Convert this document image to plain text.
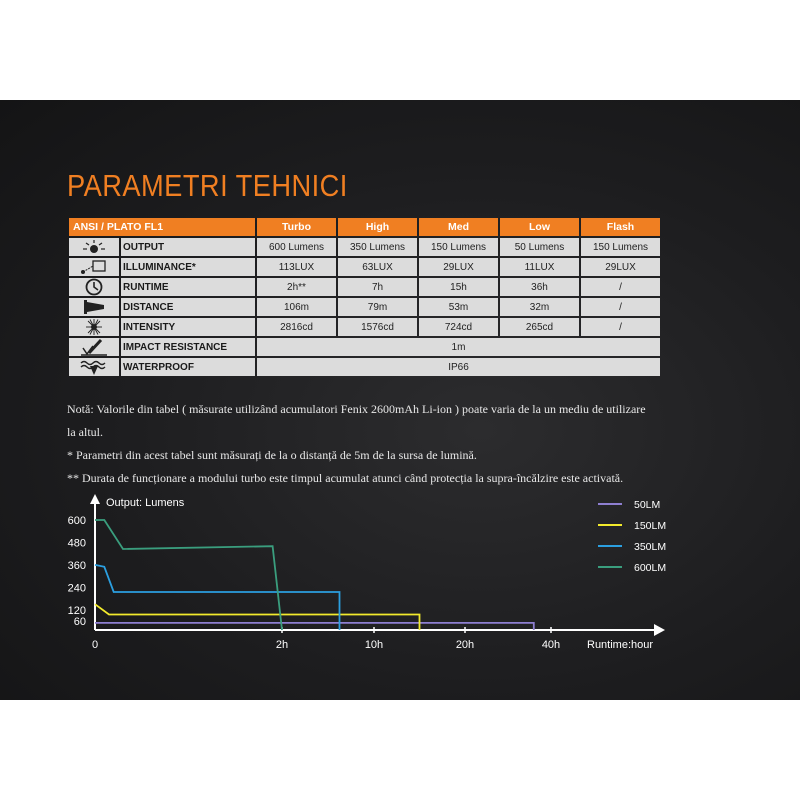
PARAMETRI TEHNICI
ANSI / PLATO FL1		Turbo	High	Med	Low	Flash

	OUTPUT	600 Lumens	350 Lumens	150 Lumens	50 Lumens	150 Lumens

	ILLUMINANCE*	113LUX	63LUX	29LUX	11LUX	29LUX

	RUNTIME	2h**	7h	15h	36h	/

	DISTANCE	106m	79m	53m	32m	/

	INTENSITY	2816cd	1576cd	724cd	265cd	/

	IMPACT RESISTANCE	1m				

	WATERPROOF	IP66				

Notă: Valorile din tabel ( măsurate utilizând acumulatori Fenix 2600mAh Li-ion ) poate varia de la un mediu de utilizare

la altul.

* Parametri din acest tabel sunt măsurați de la o distanță de 5m de la sursa de lumină.

** Durata de funcționare a modului turbo este timpul acumulat atunci când protecția la supra-încălzire este activată.

Output: Lumens
Runtime:hour
600
480
360
240
120
60
0	2h	10h	20h	40h
50LM
150LM
350LM
600LM
